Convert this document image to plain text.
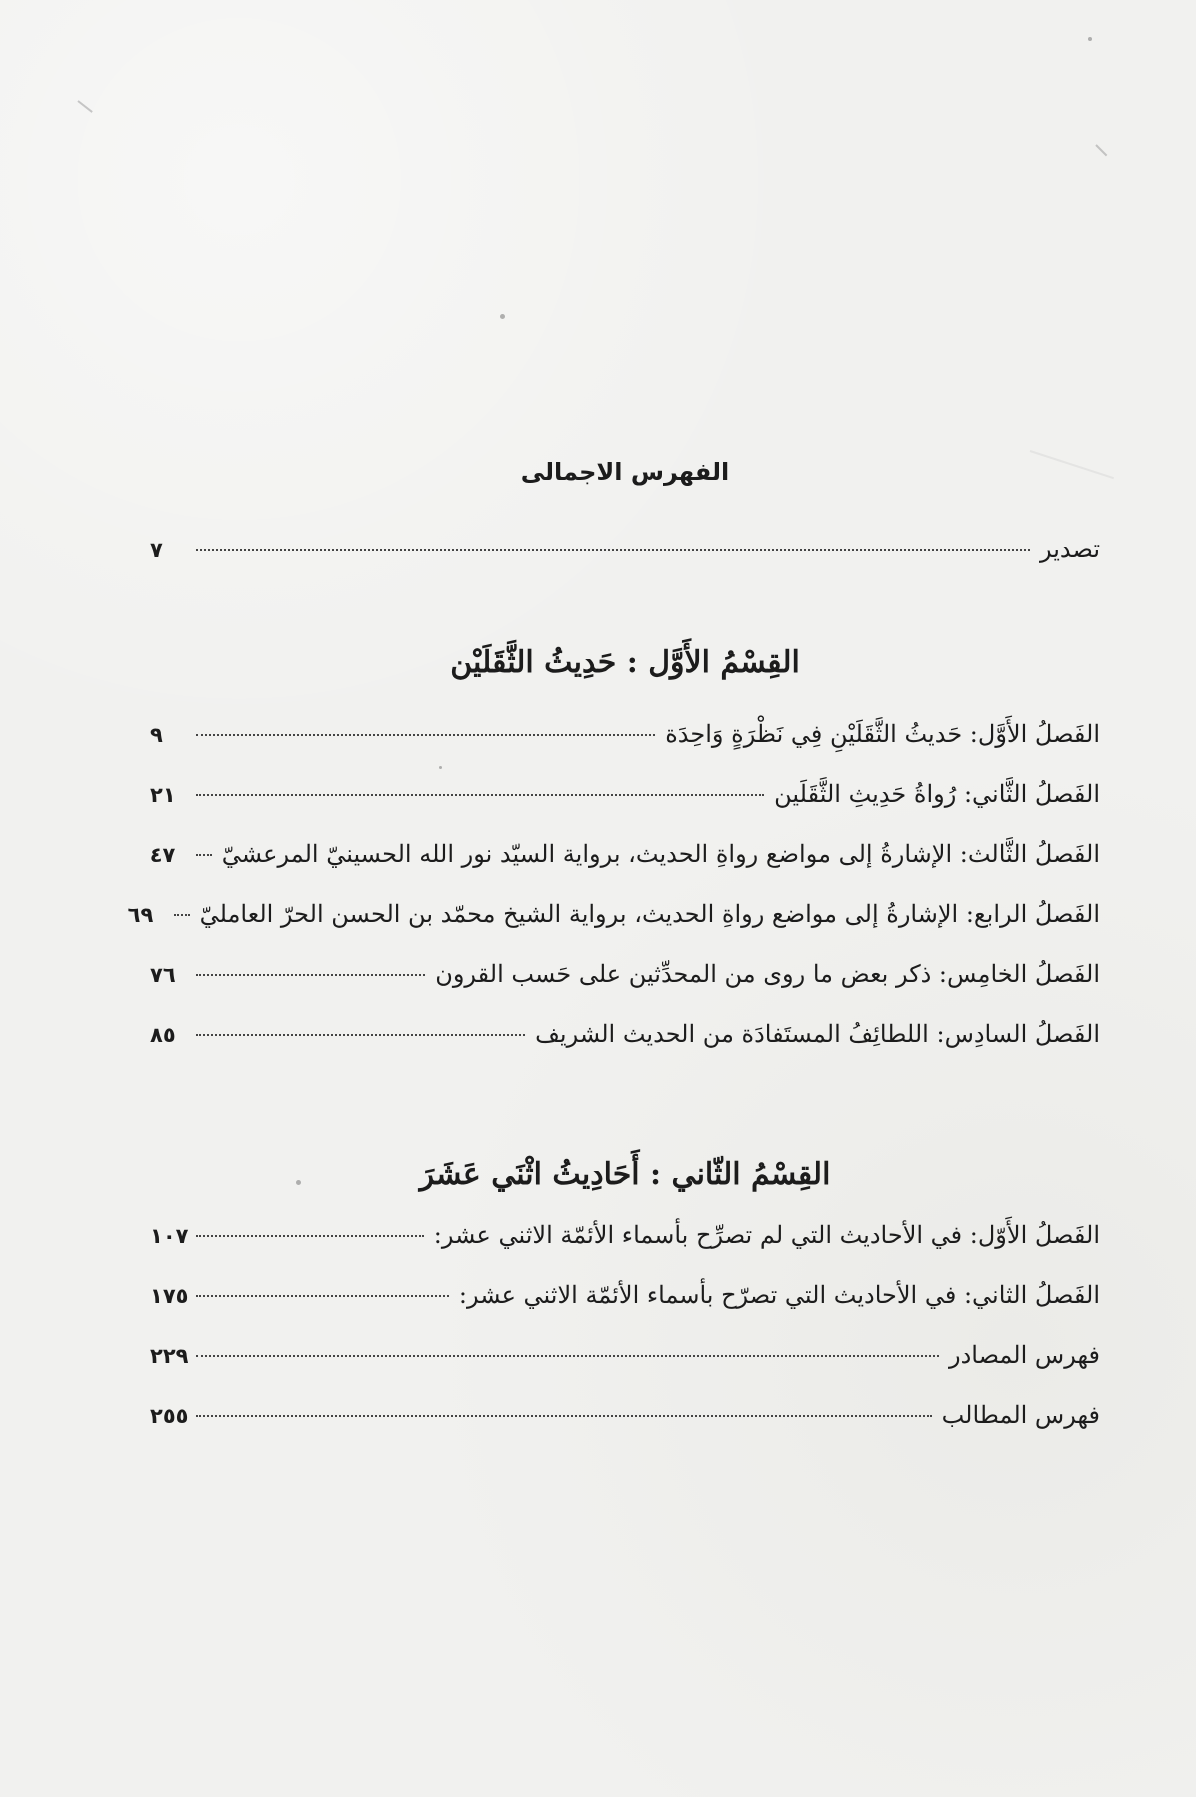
الفهرس الاجمالی
تصدير
٧
القِسْمُ الأَوَّل : حَدِيثُ الثَّقَلَيْن
الفَصلُ الأَوَّل: حَديثُ الثَّقَلَيْنِ فِي نَظْرَةٍ وَاحِدَة
٩
الفَصلُ الثَّاني: رُواةُ حَدِيثِ الثَّقَلَين
٢١
الفَصلُ الثَّالث: الإشارةُ إلى مواضع رواةِ الحديث، برواية السيّد نور الله الحسينيّ المرعشيّ
٤٧
الفَصلُ الرابع: الإشارةُ إلى مواضع رواةِ الحديث، برواية الشيخ محمّد بن الحسن الحرّ العامليّ
٦٩
الفَصلُ الخامِس: ذكر بعض ما روى من المحدِّثين على حَسب القرون
٧٦
الفَصلُ السادِس: اللطائِفُ المستَفادَة من الحديث الشريف
٨٥
القِسْمُ الثّاني : أَحَادِيثُ اثْنَي عَشَرَ
الفَصلُ الأَوّل: في الأحاديث التي لم تصرِّح بأسماء الأئمّة الاثني عشر:
١٠٧
الفَصلُ الثاني: في الأحاديث التي تصرّح بأسماء الأئمّة الاثني عشر:
١٧٥
فهرس المصادر
٢٢٩
فهرس المطالب
٢٥٥
